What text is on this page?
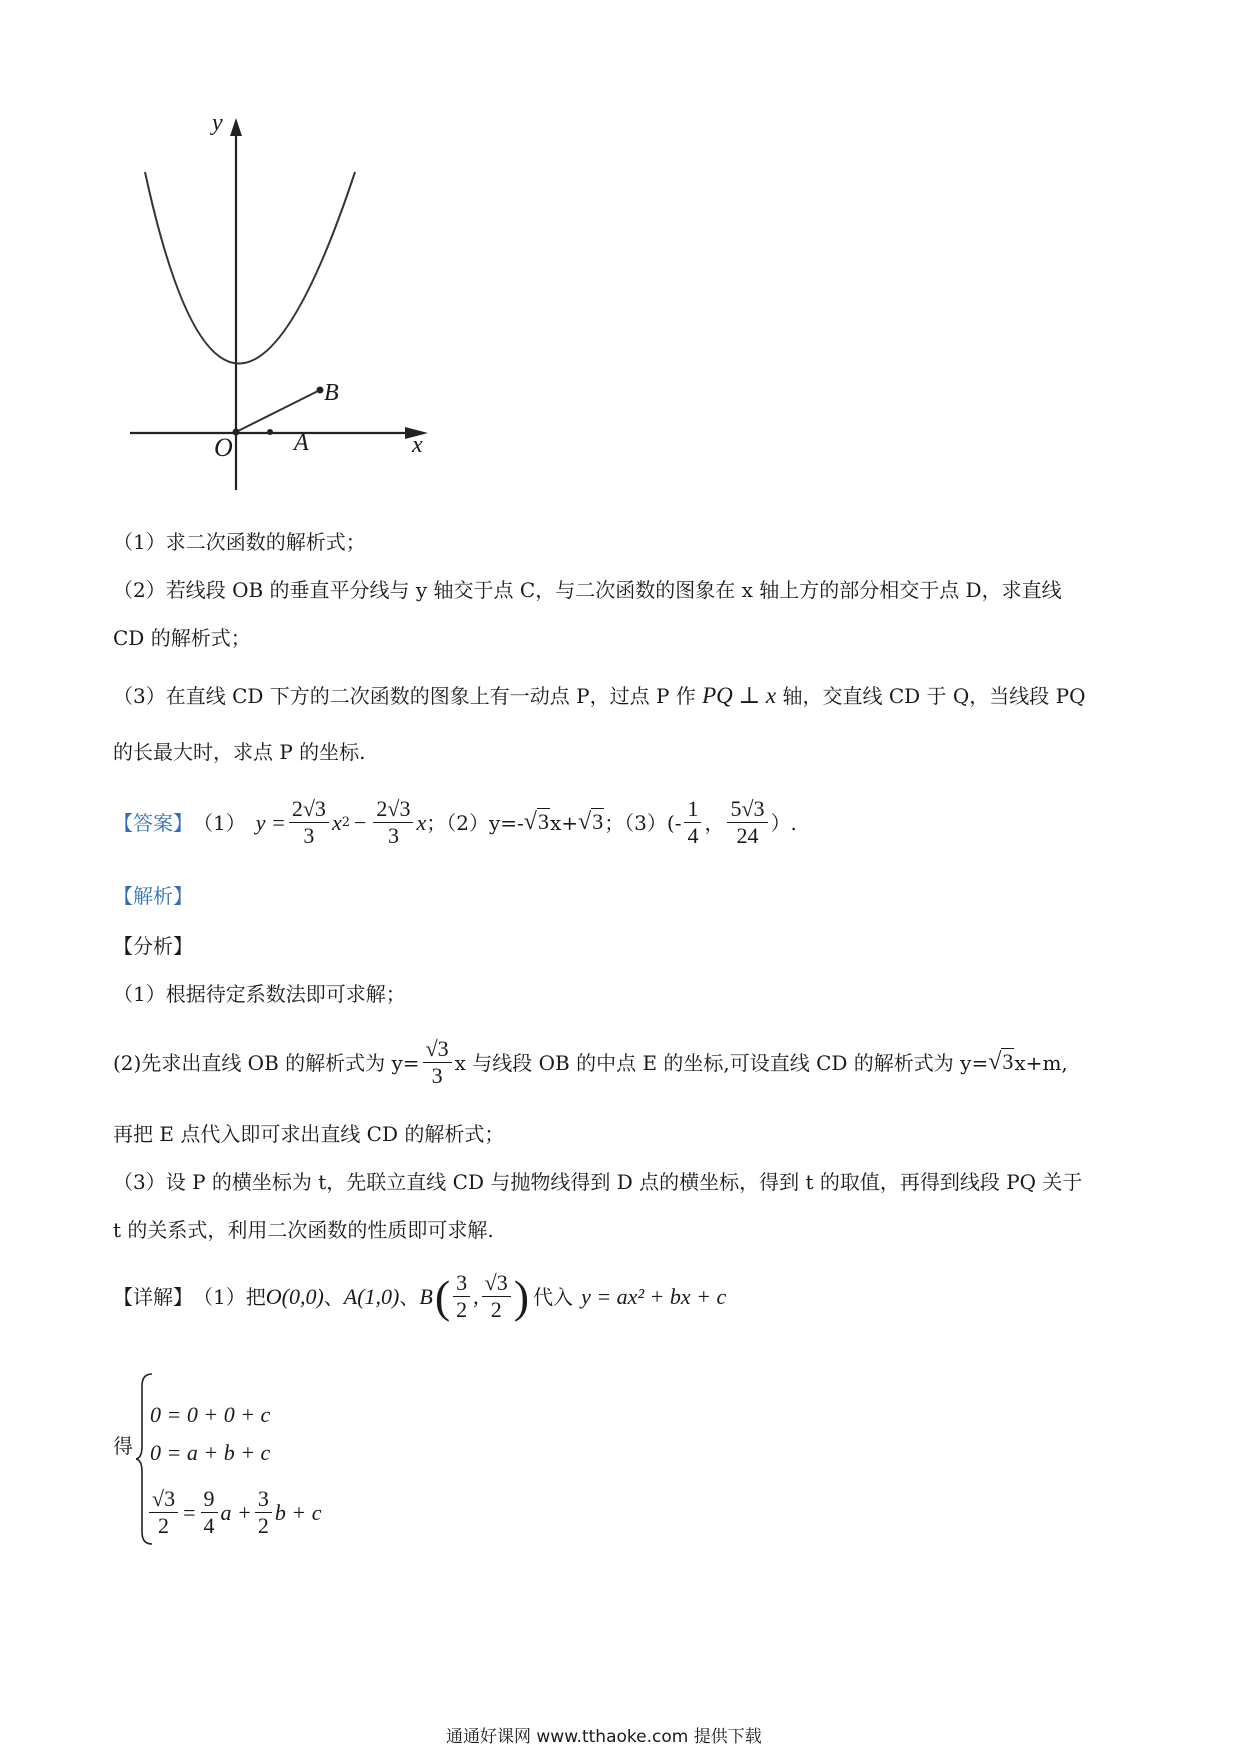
y
x
O	A
B
（1）求二次函数的解析式；
（2）若线段 OB 的垂直平分线与 y 轴交于点 C，与二次函数的图象在 x 轴上方的部分相交于点 D，求直线
CD 的解析式；
（3）在直线 CD 下方的二次函数的图象上有一动点 P，过点 P 作 PQ ⊥ x 轴，交直线 CD 于 Q，当线段 PQ
的长最大时，求点 P 的坐标.
【答案】 （1） $y = \frac{2√3}{3}$ x $2 - \frac{2√3}{3}$ x ；（2）y=- √3 x+ √3 ；$(3)(- \frac{1}{4}$ ， $\frac{5√3}{24}$ ）.
【解析】
【分析】
（1）根据待定系数法即可求解；
(2)先求出直线 OB 的解析式为 $y= \frac{√3}{3}$ x 与线段 OB 的中点 E 的坐标,可设直线 CD 的解析式为 y= √3 x+m,
再把 E 点代入即可求出直线 CD 的解析式；
（3）设 P 的横坐标为 t，先联立直线 CD 与抛物线得到 D 点的横坐标，得到 t 的取值，再得到线段 PQ 关于
t 的关系式，利用二次函数的性质即可求解.
【详解】 （1）把 O(0,0) 、 A(1,0) 、 B ( $\frac{3}{2}$ , $\frac{√3}{2}$ ) 代入 y = ax² + bx + c
得
0 = 0 + 0 + c
0 = a + b + c
$\frac{√3}{2} = \frac{9}{4}$ $a + \frac{3}{2}$ b + c
通通好课网 www.tthaoke.com 提供下载
